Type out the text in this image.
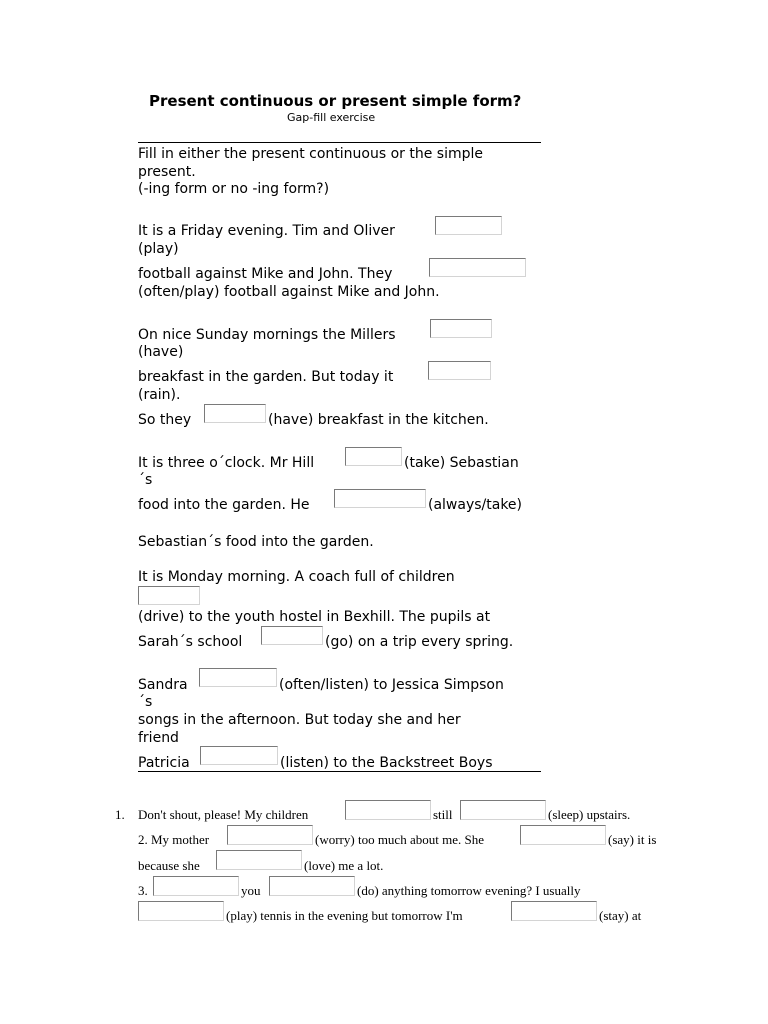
Present continuous or present simple form?
Gap-fill exercise
Fill in either the present continuous or the simple
present.
(-ing form or no -ing form?)
It is a Friday evening. Tim and Oliver
(play)
football against Mike and John. They
(often/play) football against Mike and John.
On nice Sunday mornings the Millers
(have)
breakfast in the garden. But today it
(rain).
So they	(have) breakfast in the kitchen.
It is three o´clock. Mr Hill	(take) Sebastian
´s
food into the garden. He	(always/take)
Sebastian´s food into the garden.
It is Monday morning. A coach full of children
(drive) to the youth hostel in Bexhill. The pupils at
Sarah´s school	(go) on a trip every spring.
Sandra	(often/listen) to Jessica Simpson
´s
songs in the afternoon. But today she and her
friend
Patricia	(listen) to the Backstreet Boys
1. Don't shout, please! My children	still	(sleep) upstairs.
2. My mother	(worry) too much about me. She	(say) it is
because she	(love) me a lot.
3.	you	(do) anything tomorrow evening? I usually
(play) tennis in the evening but tomorrow I'm	(stay) at
